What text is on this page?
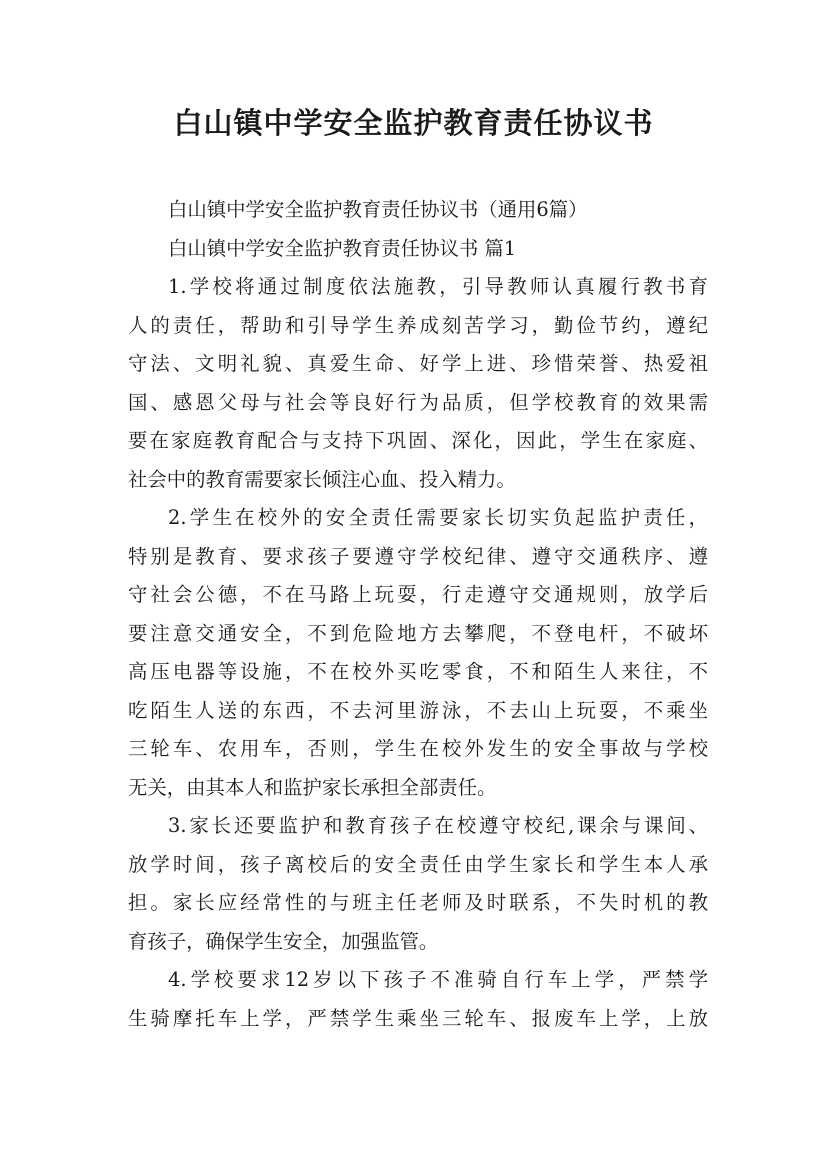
白山镇中学安全监护教育责任协议书
白山镇中学安全监护教育责任协议书（通用6篇）
白山镇中学安全监护教育责任协议书 篇1
1.学校将通过制度依法施教，引导教师认真履行教书育
人的责任，帮助和引导学生养成刻苦学习，勤俭节约，遵纪
守法、文明礼貌、真爱生命、好学上进、珍惜荣誉、热爱祖
国、感恩父母与社会等良好行为品质，但学校教育的效果需
要在家庭教育配合与支持下巩固、深化，因此，学生在家庭、
社会中的教育需要家长倾注心血、投入精力。
2.学生在校外的安全责任需要家长切实负起监护责任，
特别是教育、要求孩子要遵守学校纪律、遵守交通秩序、遵
守社会公德，不在马路上玩耍，行走遵守交通规则，放学后
要注意交通安全，不到危险地方去攀爬，不登电杆，不破坏
高压电器等设施，不在校外买吃零食，不和陌生人来往，不
吃陌生人送的东西，不去河里游泳，不去山上玩耍，不乘坐
三轮车、农用车，否则，学生在校外发生的安全事故与学校
无关，由其本人和监护家长承担全部责任。
3.家长还要监护和教育孩子在校遵守校纪,课余与课间、
放学时间，孩子离校后的安全责任由学生家长和学生本人承
担。家长应经常性的与班主任老师及时联系，不失时机的教
育孩子，确保学生安全，加强监管。
4.学校要求12岁以下孩子不准骑自行车上学，严禁学
生骑摩托车上学，严禁学生乘坐三轮车、报废车上学，上放
